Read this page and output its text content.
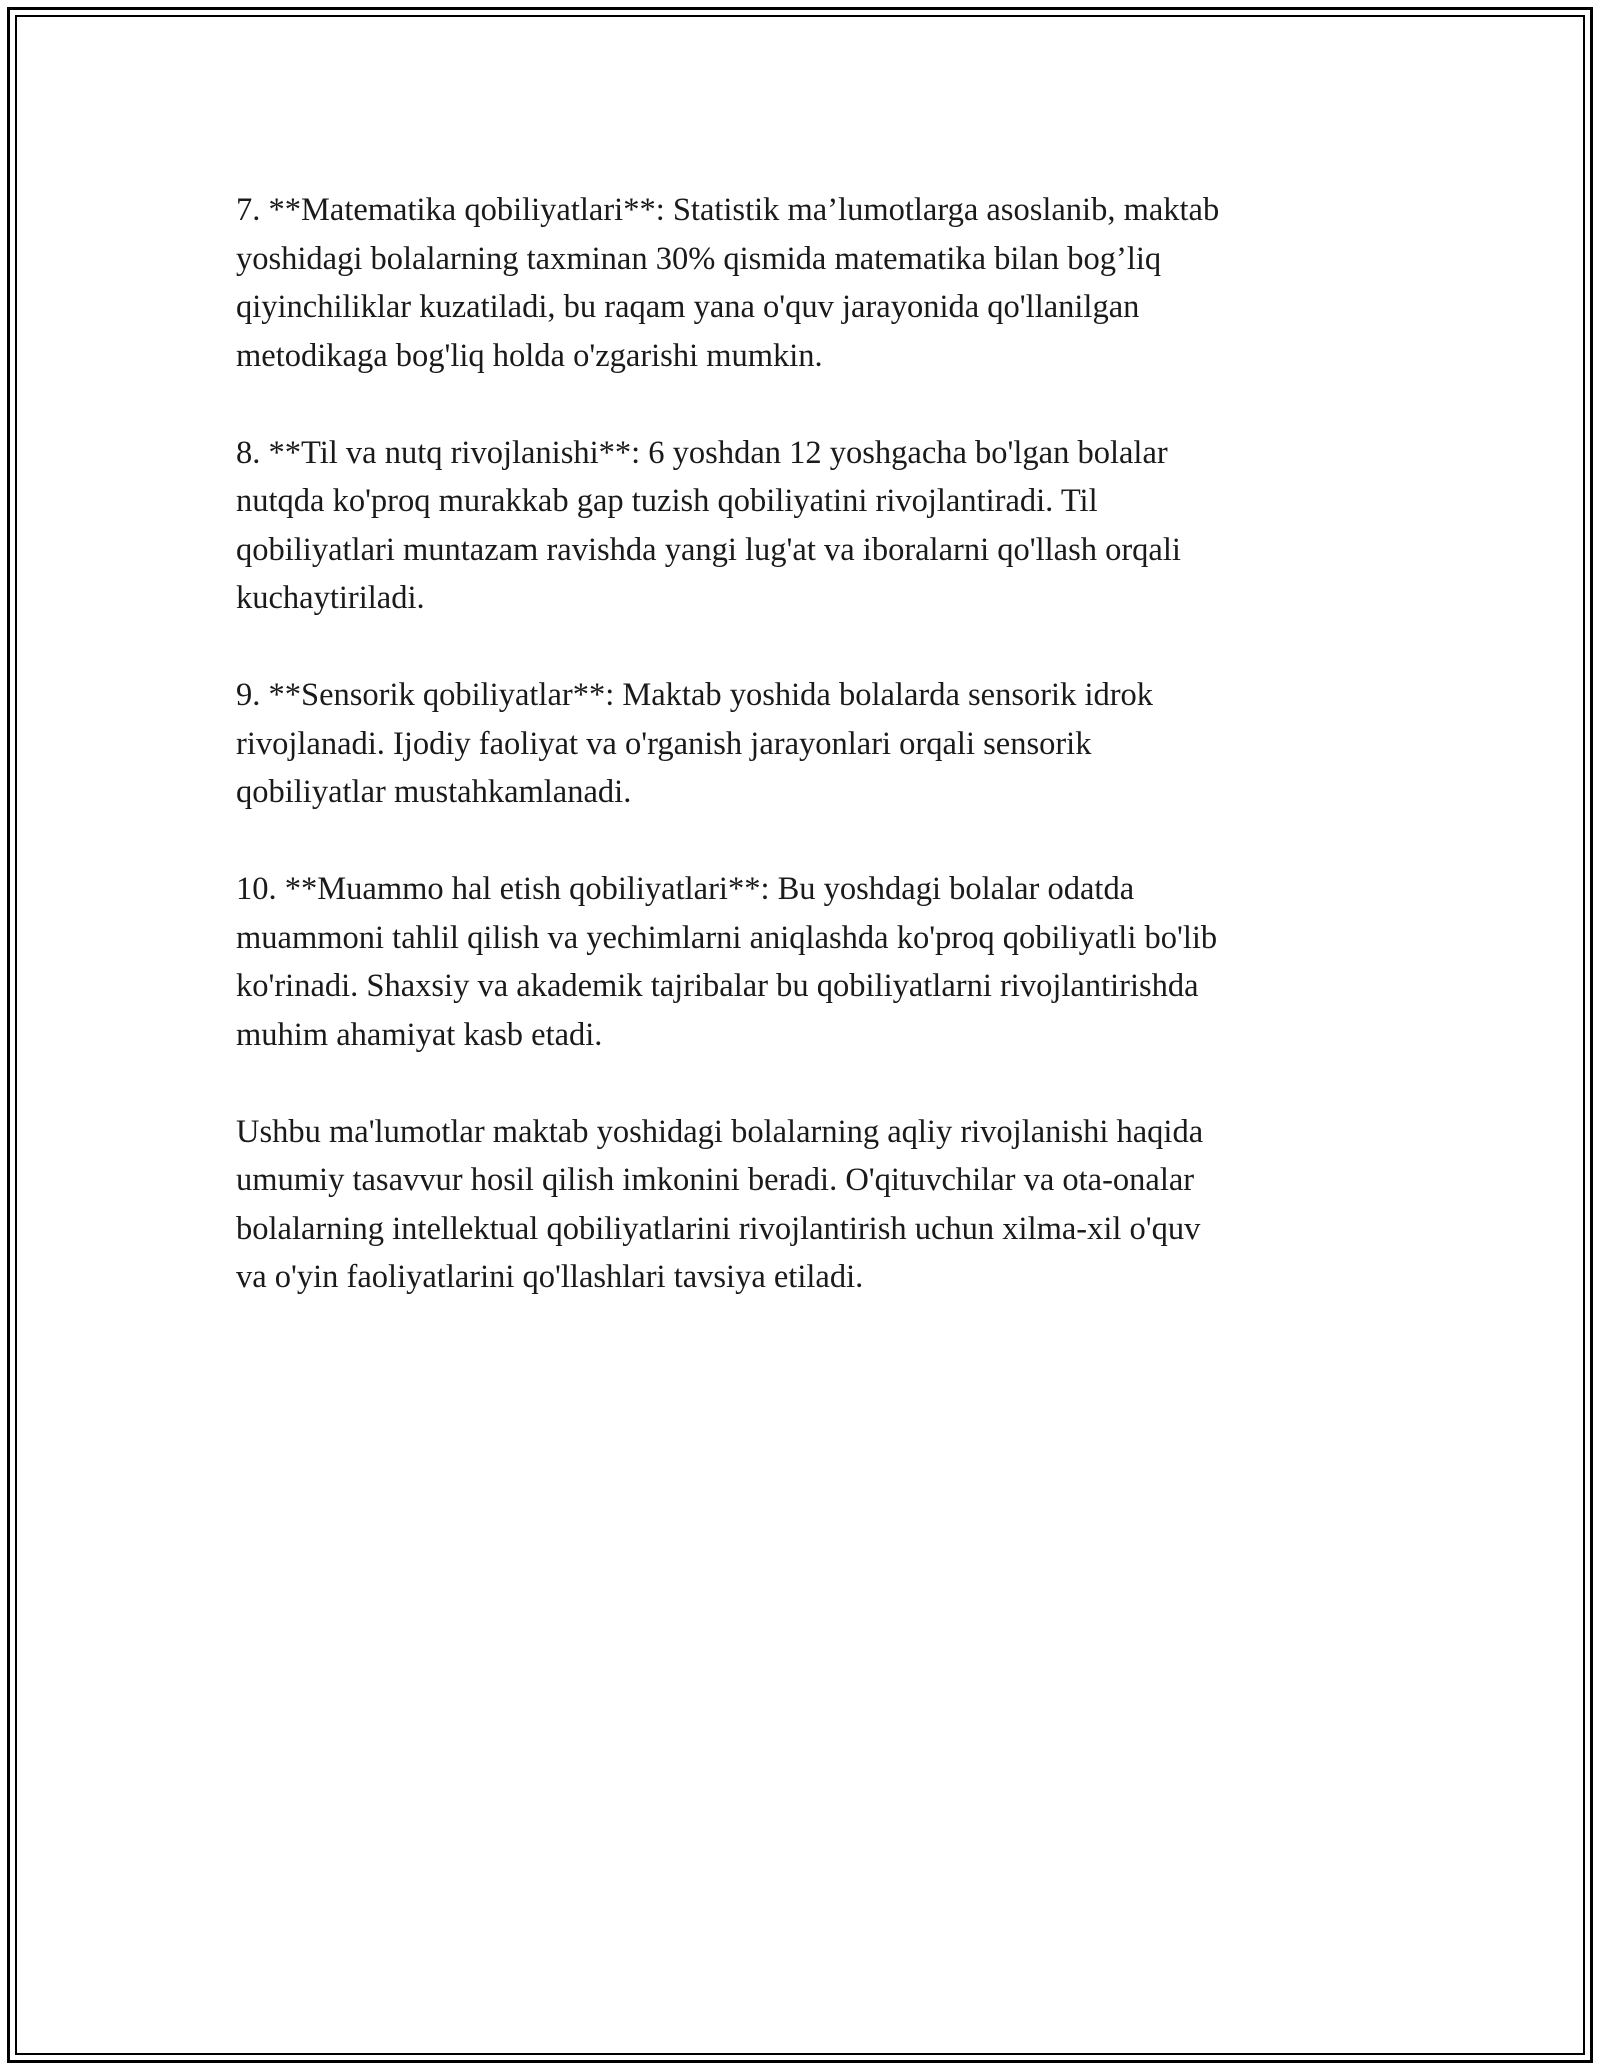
7. **Matematika qobiliyatlari**: Statistik ma’lumotlarga asoslanib, maktab
yoshidagi bolalarning taxminan 30% qismida matematika bilan bog’liq
qiyinchiliklar kuzatiladi, bu raqam yana o'quv jarayonida qo'llanilgan
metodikaga bog'liq holda o'zgarishi mumkin.

8. **Til va nutq rivojlanishi**: 6 yoshdan 12 yoshgacha bo'lgan bolalar
nutqda ko'proq murakkab gap tuzish qobiliyatini rivojlantiradi. Til
qobiliyatlari muntazam ravishda yangi lug'at va iboralarni qo'llash orqali
kuchaytiriladi.

9. **Sensorik qobiliyatlar**: Maktab yoshida bolalarda sensorik idrok
rivojlanadi. Ijodiy faoliyat va o'rganish jarayonlari orqali sensorik
qobiliyatlar mustahkamlanadi.

10. **Muammo hal etish qobiliyatlari**: Bu yoshdagi bolalar odatda
muammoni tahlil qilish va yechimlarni aniqlashda ko'proq qobiliyatli bo'lib
ko'rinadi. Shaxsiy va akademik tajribalar bu qobiliyatlarni rivojlantirishda
muhim ahamiyat kasb etadi.

Ushbu ma'lumotlar maktab yoshidagi bolalarning aqliy rivojlanishi haqida
umumiy tasavvur hosil qilish imkonini beradi. O'qituvchilar va ota-onalar
bolalarning intellektual qobiliyatlarini rivojlantirish uchun xilma-xil o'quv
va o'yin faoliyatlarini qo'llashlari tavsiya etiladi.
